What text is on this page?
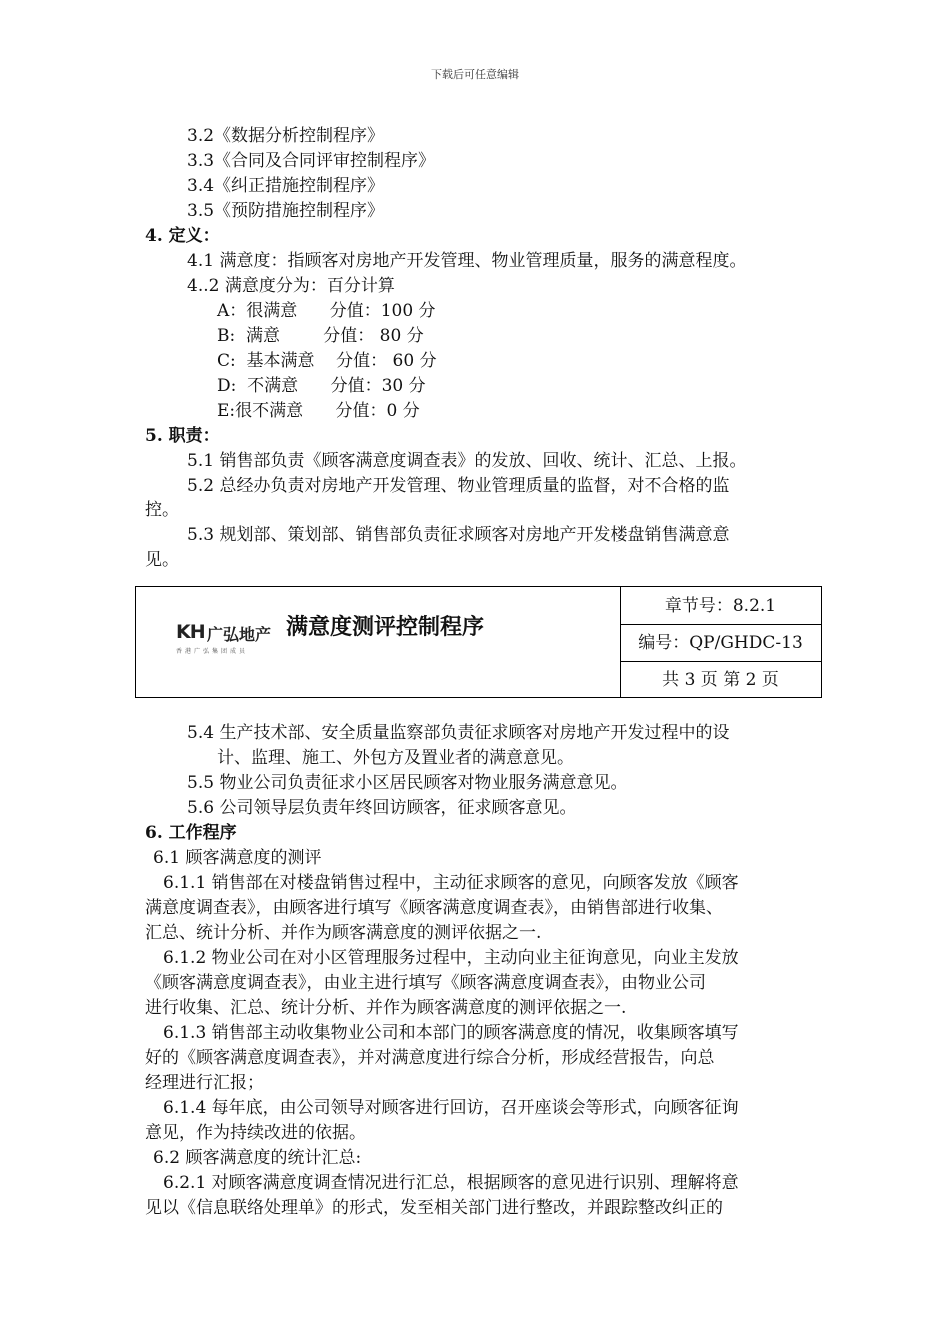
下载后可任意编辑
3.2《数据分析控制程序》
3.3《合同及合同评审控制程序》
3.4《纠正措施控制程序》
3.5《预防措施控制程序》
4. 定义：
4.1 满意度：指顾客对房地产开发管理、物业管理质量，服务的满意程度。
4..2 满意度分为：百分计算
A：很满意      分值：100 分
B:  满意        分值： 80 分
C:  基本满意    分值： 60 分
D:  不满意      分值：30 分
E:很不满意      分值：0 分
5. 职责：
5.1 销售部负责《顾客满意度调查表》的发放、回收、统计、汇总、上报。
5.2 总经办负责对房地产开发管理、物业管理质量的监督，对不合格的监
控。
5.3 规划部、策划部、销售部负责征求顾客对房地产开发楼盘销售满意意
见。
KH 广弘地产
香港广弘集团成员
满意度测评控制程序
章节号：8.2.1
编号：QP/GHDC-13
共 3 页 第 2 页
5.4 生产技术部、安全质量监察部负责征求顾客对房地产开发过程中的设
计、监理、施工、外包方及置业者的满意意见。
5.5 物业公司负责征求小区居民顾客对物业服务满意意见。
5.6 公司领导层负责年终回访顾客，征求顾客意见。
6. 工作程序
6.1 顾客满意度的测评
6.1.1 销售部在对楼盘销售过程中，主动征求顾客的意见，向顾客发放《顾客
满意度调查表》，由顾客进行填写《顾客满意度调查表》，由销售部进行收集、
汇总、统计分析、并作为顾客满意度的测评依据之一.
6.1.2 物业公司在对小区管理服务过程中，主动向业主征询意见，向业主发放
《顾客满意度调查表》，由业主进行填写《顾客满意度调查表》，由物业公司
进行收集、汇总、统计分析、并作为顾客满意度的测评依据之一.
6.1.3 销售部主动收集物业公司和本部门的顾客满意度的情况，收集顾客填写
好的《顾客满意度调查表》，并对满意度进行综合分析，形成经营报告，向总
经理进行汇报；
6.1.4 每年底，由公司领导对顾客进行回访，召开座谈会等形式，向顾客征询
意见，作为持续改进的依据。
6.2 顾客满意度的统计汇总:
6.2.1 对顾客满意度调查情况进行汇总，根据顾客的意见进行识别、理解将意
见以《信息联络处理单》的形式，发至相关部门进行整改，并跟踪整改纠正的
